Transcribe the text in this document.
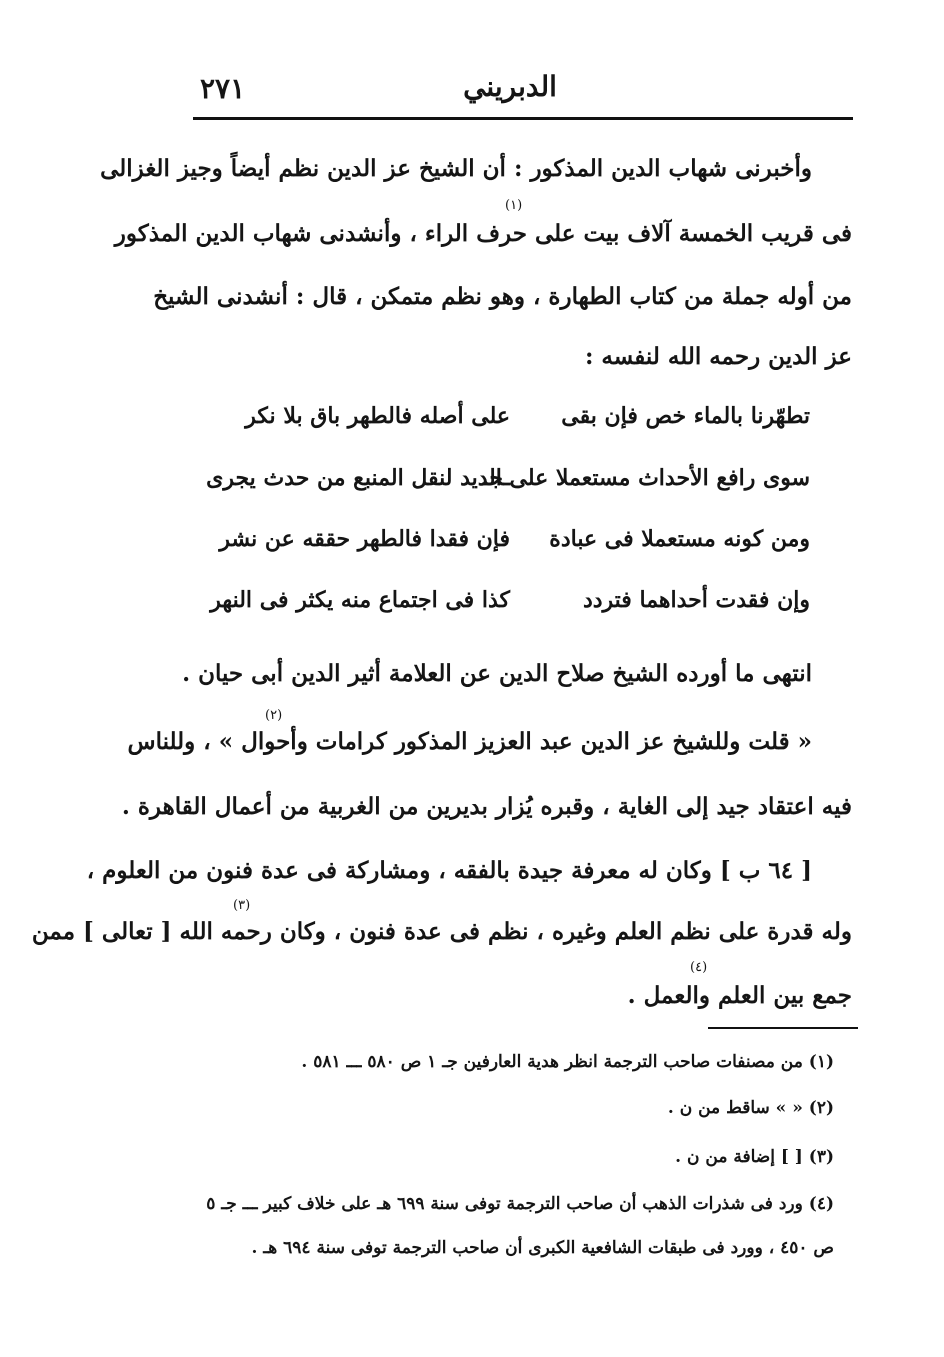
٢٧١	الدبريني
وأخبرنى شهاب الدين المذكور : أن الشيخ عز الدين نظم أيضاً وجيز الغزالى
فى قريب الخمسة آلاف بيت على حرف الراء ، وأنشدنى شهاب الدين المذكور
(١)
من أوله جملة من كتاب الطهارة ، وهو نظم متمكن ، قال : أنشدنى الشيخ
عز الدين رحمه الله لنفسه :
تطهّرنا بالماء خص فإن بقى
على أصله فالطهر باق بلا نكر
سوى رافع الأحداث مستعملا على الـ
ـجديد لنقل المنبع من حدث يجرى
ومن كونه مستعملا فى عبادة
فإن فقدا فالطهر حققه عن نشر
وإن فقدت أحداهما فتردد
كذا فى اجتماع منه يكثر فى النهر
انتهى ما أورده الشيخ صلاح الدين عن العلامة أثير الدين أبى حيان .
« قلت وللشيخ عز الدين عبد العزيز المذكور كرامات وأحوال » ، وللناس
(٢)
فيه اعتقاد جيد إلى الغاية ، وقبره يُزار بديرين من الغربية من أعمال القاهرة .
[ ٦٤ ب ] وكان له معرفة جيدة بالفقه ، ومشاركة فى عدة فنون من العلوم ،
وله قدرة على نظم العلم وغيره ، نظم فى عدة فنون ، وكان رحمه الله [ تعالى ] ممن
(٣)
جمع بين العلم والعمل .
(٤)
(١) من مصنفات صاحب الترجمة انظر هدية العارفين جـ ١ ص ٥٨٠ ـــ ٥٨١ .
(٢) « » ساقط من ن .
(٣) [ ] إضافة من ن .
(٤) ورد فى شذرات الذهب أن صاحب الترجمة توفى سنة ٦٩٩ هـ على خلاف كبير ـــ جـ ٥
ص ٤٥٠ ، وورد فى طبقات الشافعية الكبرى أن صاحب الترجمة توفى سنة ٦٩٤ هـ .
